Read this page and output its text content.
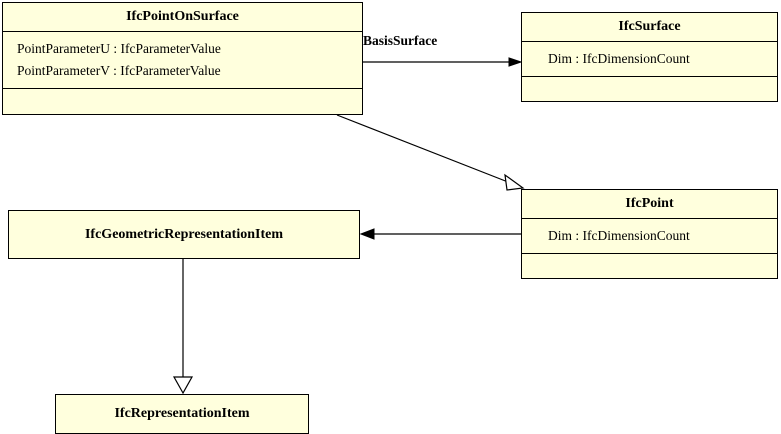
IfcPointOnSurface
PointParameterU : IfcParameterValue
PointParameterV : IfcParameterValue
IfcSurface
Dim : IfcDimensionCount
IfcPoint
Dim : IfcDimensionCount
IfcGeometricRepresentationItem
IfcRepresentationItem
BasisSurface
